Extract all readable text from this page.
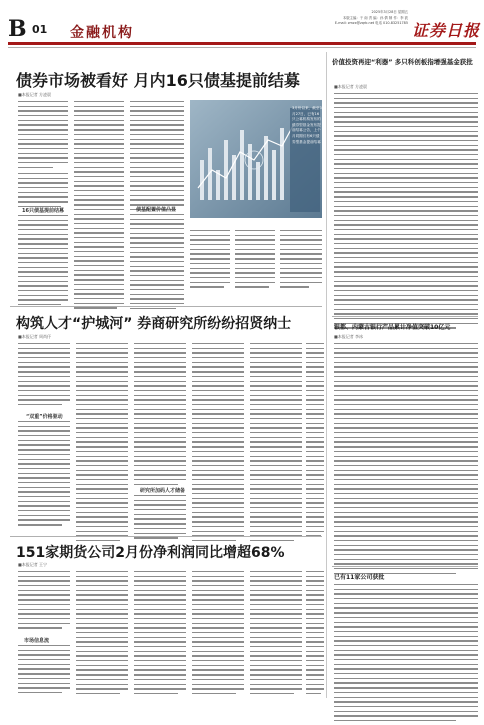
B 01 金融机构
2025年3月28日 星期五
本版主编：于 南 责 编：孙 倩 制 作：李 波
E-mail: zmzx@zqrb.net 电话 010-83251785 证券日报
债券市场被看好 月内16只债基提前结募
■本报记者 方凌晨
16只债基提前结募	债基配置价值凸显
3月份以来，截至3月27日，已有16只公募机构发布的债券型基金发布提前结募公告，上个月同期仅有6只债券型基金提前结募
构筑人才“护城河” 券商研究所纷纷招贤纳士
■本报记者 周尚伃
“双重”价格驱动
研究所加码人才储备
151家期货公司2月份净利润同比增超68%
■本报记者 王宁
市场信息流
价值投资再迎“利器” 多只科创板指增强基金获批
■本报记者 方凌晨
银都、内蒙古银行产品累计净值突破10亿元
■本报记者 李冰
已有11家公司获批
